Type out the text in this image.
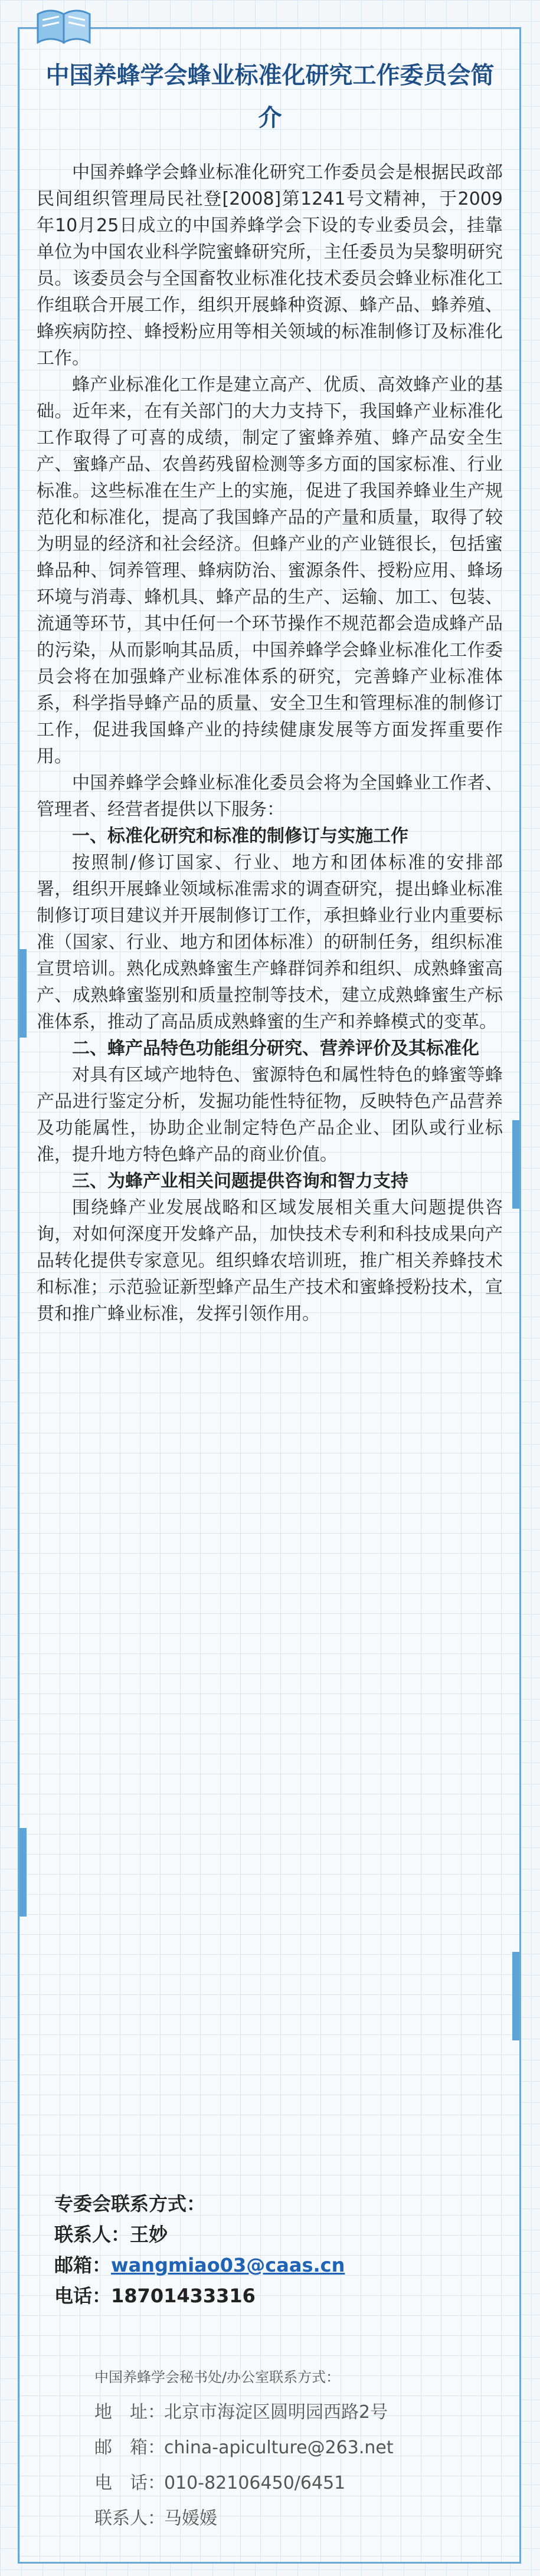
中国养蜂学会蜂业标准化研究工作委员会简介

中国养蜂学会蜂业标准化研究工作委员会是根据民政部民间组织管理局民社登[2008]第1241号文精神，于2009年10月25日成立的中国养蜂学会下设的专业委员会，挂靠单位为中国农业科学院蜜蜂研究所，主任委员为吴黎明研究员。该委员会与全国畜牧业标准化技术委员会蜂业标准化工作组联合开展工作，组织开展蜂种资源、蜂产品、蜂养殖、蜂疾病防控、蜂授粉应用等相关领域的标准制修订及标准化工作。

蜂产业标准化工作是建立高产、优质、高效蜂产业的基础。近年来，在有关部门的大力支持下，我国蜂产业标准化工作取得了可喜的成绩，制定了蜜蜂养殖、蜂产品安全生产、蜜蜂产品、农兽药残留检测等多方面的国家标准、行业标准。这些标准在生产上的实施，促进了我国养蜂业生产规范化和标准化，提高了我国蜂产品的产量和质量，取得了较为明显的经济和社会经济。但蜂产业的产业链很长，包括蜜蜂品种、饲养管理、蜂病防治、蜜源条件、授粉应用、蜂场环境与消毒、蜂机具、蜂产品的生产、运输、加工、包装、流通等环节，其中任何一个环节操作不规范都会造成蜂产品的污染，从而影响其品质，中国养蜂学会蜂业标准化工作委员会将在加强蜂产业标准体系的研究，完善蜂产业标准体系，科学指导蜂产品的质量、安全卫生和管理标准的制修订工作，促进我国蜂产业的持续健康发展等方面发挥重要作用。

中国养蜂学会蜂业标准化委员会将为全国蜂业工作者、管理者、经营者提供以下服务：

一、标准化研究和标准的制修订与实施工作

按照制/修订国家、行业、地方和团体标准的安排部署，组织开展蜂业领域标准需求的调查研究，提出蜂业标准制修订项目建议并开展制修订工作，承担蜂业行业内重要标准（国家、行业、地方和团体标准）的研制任务，组织标准宣贯培训。熟化成熟蜂蜜生产蜂群饲养和组织、成熟蜂蜜高产、成熟蜂蜜鉴别和质量控制等技术，建立成熟蜂蜜生产标准体系，推动了高品质成熟蜂蜜的生产和养蜂模式的变革。

二、蜂产品特色功能组分研究、营养评价及其标准化

对具有区域产地特色、蜜源特色和属性特色的蜂蜜等蜂产品进行鉴定分析，发掘功能性特征物，反映特色产品营养及功能属性，协助企业制定特色产品企业、团队或行业标准，提升地方特色蜂产品的商业价值。

三、为蜂产业相关问题提供咨询和智力支持

围绕蜂产业发展战略和区域发展相关重大问题提供咨询，对如何深度开发蜂产品，加快技术专利和科技成果向产品转化提供专家意见。组织蜂农培训班，推广相关养蜂技术和标准；示范验证新型蜂产品生产技术和蜜蜂授粉技术，宣贯和推广蜂业标准，发挥引领作用。

专委会联系方式：
联系人：王妙
邮箱：wangmiao03@caas.cn
电话：18701433316
中国养蜂学会秘书处/办公室联系方式：
地　址：北京市海淀区圆明园西路2号
邮　箱：china-apiculture@263.net
电　话：010-82106450/6451
联系人：马媛媛
